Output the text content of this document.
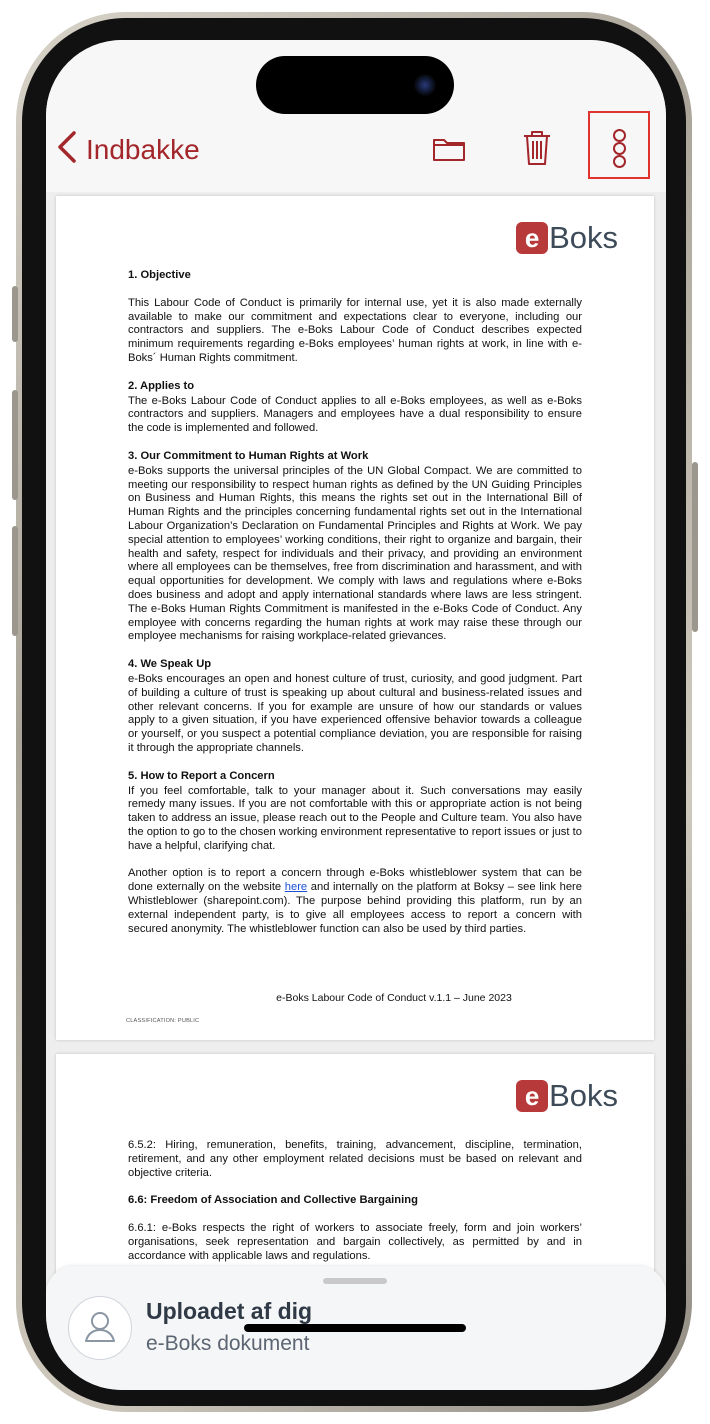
Indbakke
e Boks
1. Objective

This Labour Code of Conduct is primarily for internal use, yet it is also made externally available to make our commitment and expectations clear to everyone, including our contractors and suppliers. The e-Boks Labour Code of Conduct describes expected minimum requirements regarding e-Boks employees’ human rights at work, in line with e-Boks´ Human Rights commitment.

2. Applies to

The e-Boks Labour Code of Conduct applies to all e-Boks employees, as well as e-Boks contractors and suppliers. Managers and employees have a dual responsibility to ensure the code is implemented and followed.

3. Our Commitment to Human Rights at Work

e-Boks supports the universal principles of the UN Global Compact. We are committed to meeting our responsibility to respect human rights as defined by the UN Guiding Principles on Business and Human Rights, this means the rights set out in the International Bill of Human Rights and the principles concerning fundamental rights set out in the International Labour Organization’s Declaration on Fundamental Principles and Rights at Work. We pay special attention to employees’ working conditions, their right to organize and bargain, their health and safety, respect for individuals and their privacy, and providing an environment where all employees can be themselves, free from discrimination and harassment, and with equal opportunities for development. We comply with laws and regulations where e-Boks does business and adopt and apply international standards where laws are less stringent. The e-Boks Human Rights Commitment is manifested in the e-Boks Code of Conduct. Any employee with concerns regarding the human rights at work may raise these through our employee mechanisms for raising workplace-related grievances.

4. We Speak Up

e-Boks encourages an open and honest culture of trust, curiosity, and good judgment. Part of building a culture of trust is speaking up about cultural and business-related issues and other relevant concerns. If you for example are unsure of how our standards or values apply to a given situation, if you have experienced offensive behavior towards a colleague or yourself, or you suspect a potential compliance deviation, you are responsible for raising it through the appropriate channels.

5. How to Report a Concern

If you feel comfortable, talk to your manager about it. Such conversations may easily remedy many issues. If you are not comfortable with this or appropriate action is not being taken to address an issue, please reach out to the People and Culture team. You also have the option to go to the chosen working environment representative to report issues or just to have a helpful, clarifying chat.

Another option is to report a concern through e-Boks whistleblower system that can be done externally on the website here and internally on the platform at Boksy – see link here Whistleblower (sharepoint.com). The purpose behind providing this platform, run by an external independent party, is to give all employees access to report a concern with secured anonymity. The whistleblower function can also be used by third parties.

e-Boks Labour Code of Conduct v.1.1 – June 2023
CLASSIFICATION: PUBLIC
e Boks

6.5.2: Hiring, remuneration, benefits, training, advancement, discipline, termination, retirement, and any other employment related decisions must be based on relevant and objective criteria.

6.6: Freedom of Association and Collective Bargaining

6.6.1: e-Boks respects the right of workers to associate freely, form and join workers’ organisations, seek representation and bargain collectively, as permitted by and in accordance with applicable laws and regulations.

Uploadet af dig
e-Boks dokument
